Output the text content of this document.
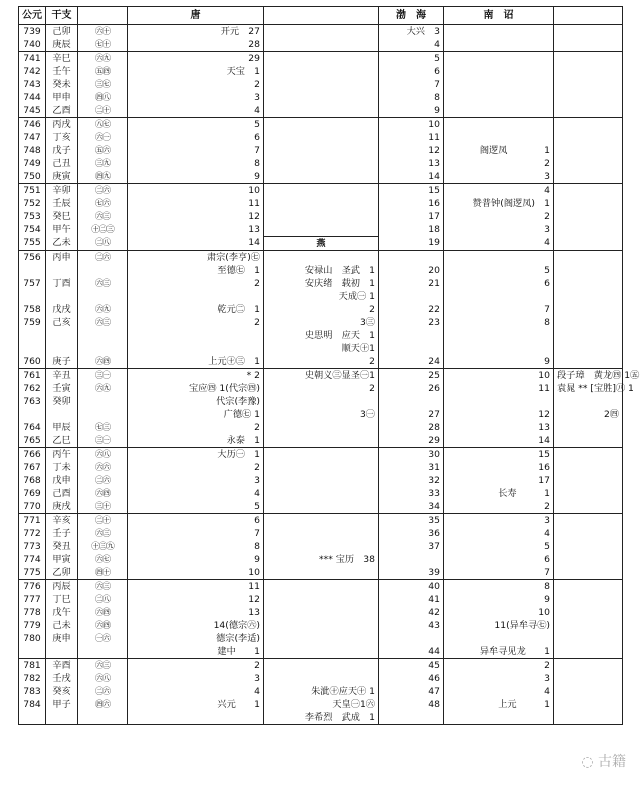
公元	干支		唐		渤　海	南　诏	
739	己卯	㊅㊉	开元　27		大兴　3		
740	庚辰	㊆㊉	28		4		
741	辛巳	㊅㊈	29		5		
742	壬午	㊄㊃	天宝　1		6		
743	癸未	㊂㊆	2		7		
744	甲申	㊃㊇	3		8		
745	乙酉	㊁㊉	4		9		
746	丙戌	㊇㊆	5		10		
747	丁亥	㊅㊀	6		11		
748	戊子	㊄㊅	7		12	阁逻凤　　　　1	
749	己丑	㊂㊈	8		13	2	
750	庚寅	㊃㊈	9		14	3	
751	辛卯	㊁㊅	10		15	4	
752	壬辰	㊆㊅	11		16	赞普钟(阁逻凤)　1	
753	癸巳	㊅㊂	12		17	2	
754	甲午	㊉㊁㊂	13		18	3	
755	乙未	㊁㊇	14	燕	19	4	
756	丙申	㊁㊅	肃宗(李亨)㊆				
			至德㊆　1	安禄山　圣武　1	20	5	
757	丁酉	㊅㊂	2	安庆绪　载初　1	21	6	
				天成㊀ 1			
758	戊戌	㊅㊈	乾元㊁　1	2	22	7	
759	己亥	㊅㊂	2	3㊂	23	8	
				史思明　应天　1			
				顺天㊉1			
760	庚子	㊅㊃	上元㊉㊂　1	2	24	9	
761	辛丑	㊂㊀	* 2	史朝义㊂显圣㊀1	25	10	段子璋　黄龙㊃ 1㊄
762	壬寅	㊅㊈	宝应㊃ 1(代宗㊃)	2	26	11	袁晁 ** [宝胜]㊇ 1
763	癸卯		代宗(李豫)				
			广德㊆ 1	3㊀	27	12	2㊃
764	甲辰	㊆㊂	2		28	13	
765	乙巳	㊂㊀	永泰　1		29	14	
766	丙午	㊅㊇	大历㊀　1		30	15	
767	丁未	㊅㊅	2		31	16	
768	戊申	㊁㊅	3		32	17	
769	己酉	㊅㊃	4		33	长寿　　　1	
770	庚戌	㊂㊉	5		34	2	
771	辛亥	㊁㊉	6		35	3	
772	壬子	㊅㊂	7		36	4	
773	癸丑	㊉㊂㊈	8		37	5	
774	甲寅	㊅㊆	9	*** 宝历　38		6	
775	乙卯	㊃㊉	10		39	7	
776	丙辰	㊅㊂	11		40	8	
777	丁巳	㊁㊇	12		41	9	
778	戊午	㊅㊃	13		42	10	
779	己未	㊅㊃	14(德宗㊅)		43	11(异牟寻㊆)	
780	庚申	㊀㊅	德宗(李适)				
			建中　　1		44	异牟寻见龙　　1	
781	辛酉	㊅㊂	2		45	2	
782	壬戌	㊅㊇	3		46	3	
783	癸亥	㊁㊅	4	朱泚㊉应天㊉ 1	47	4	
784	甲子	㊃㊅	兴元　　1	天皇㊀1㊅	48	上元　　　1	
				李希烈　武成　1			
◌ 古籍
